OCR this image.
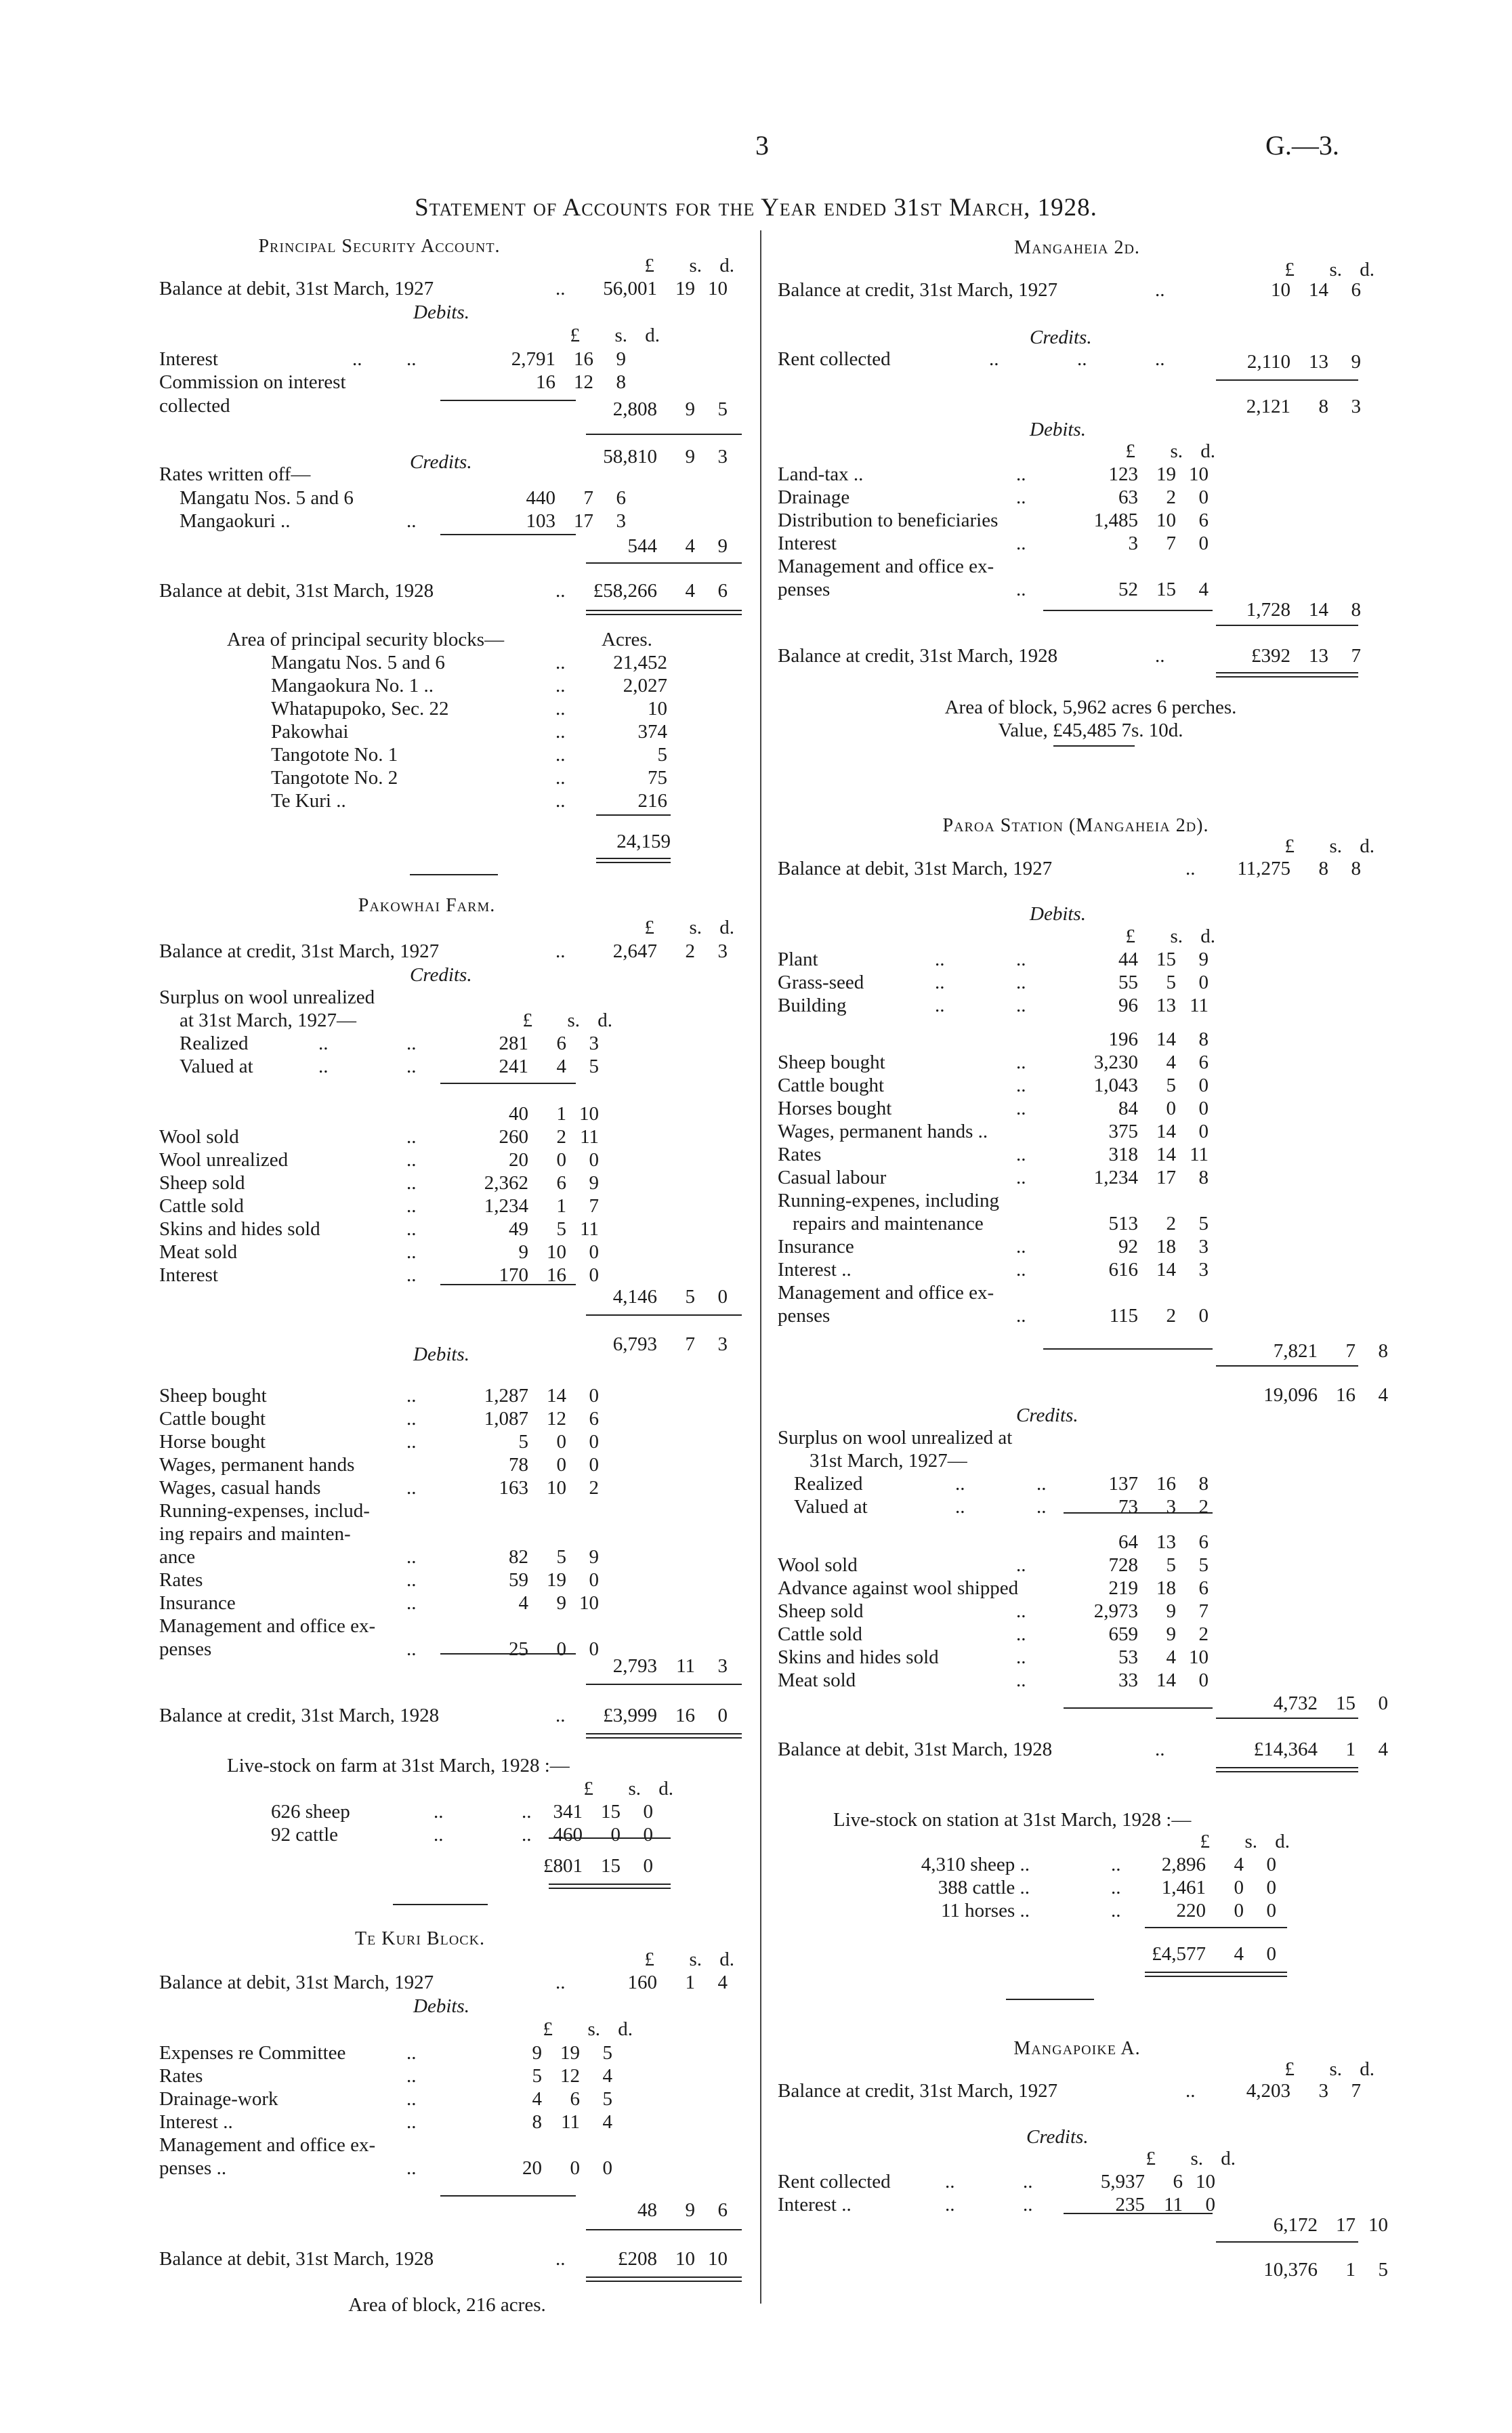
3	G.—3.
Statement of Accounts for the Year ended 31st March, 1928.
Principal Security Account.
£ s. d.
Balance at debit, 31st March, 1927	.. 56,001 19 10
Debits.
£ s. d.
Interest	.. ..	2,791 16 9
Commission on interest
collected
16 12 8
2,808 9 5
58,810 9 3
Credits.
Rates written off—
Mangatu Nos. 5 and 6	440 7 6
Mangaokuri ..	..	103 17 3
544 4 9
Balance at debit, 31st March, 1928	.. £58,266 4 6
Area of principal security blocks—	Acres.
Mangatu Nos. 5 and 6	.. 21,452
Mangaokura No. 1 ..	..	2,027
Whatapupoko, Sec. 22	..	10
Pakowhai	..	374
Tangotote No. 1	..	5
Tangotote No. 2	..	75
Te Kuri ..	..	216
24,159
Pakowhai Farm.
£ s. d.
Balance at credit, 31st March, 1927	.. 2,647 2 3
Credits.
Surplus on wool unrealized
at 31st March, 1927—	£ s. d.
Realized	..	..	281 6 3
Valued at	..	..	241 4 5
40 1 10
Wool sold	..	260 2 11
Wool unrealized	..	20 0 0
Sheep sold	..	2,362 6 9
Cattle sold	..	1,234 1 7
Skins and hides sold	..	49 5 11
Meat sold	..	9 10 0
Interest	..	170 16 0
4,146 5 0
Debits.	6,793 7 3
Sheep bought	..	1,287 14 0
Cattle bought	..	1,087 12 6
Horse bought	..	5 0 0
Wages, permanent hands	78 0 0
Wages, casual hands	..	163 10 2
Running-expenses, includ-
ing repairs and mainten-
ance	..	82 5 9
Rates	..	59 19 0
Insurance	..	4 9 10
Management and office ex-
penses	..	25 0 0
2,793 11 3
Balance at credit, 31st March, 1928	.. £3,999 16 0
Live-stock on farm at 31st March, 1928 :—
£ s. d.
626 sheep	..	.. 341 15 0
92 cattle	..	.. 460 0 0
£801 15 0
Te Kuri Block.
£ s. d.
Balance at debit, 31st March, 1927	..	160 1 4
Debits.
£ s. d.
Expenses re Committee	..	9 19 5
Rates	..	5 12 4
Drainage-work	..	4 6 5
Interest ..	..	8 11 4
Management and office ex-
penses ..	..	20 0 0
48 9 6
Balance at debit, 31st March, 1928	..	£208 10 10
Area of block, 216 acres.
Mangaheia 2d.
£ s. d.
Balance at credit, 31st March, 1927	..	10 14 6
Credits.
Rent collected	..	..	..	2,110 13 9
2,121 8 3
Debits.
£ s. d.
Land-tax ..	..	123 19 10
Drainage	..	63 2 0
Distribution to beneficiaries	1,485 10 6
Interest	..	3 7 0
Management and office ex-
penses	..	52 15 4
1,728 14 8
Balance at credit, 31st March, 1928	..	£392 13 7
Area of block, 5,962 acres 6 perches.
Value, £45,485 7s. 10d.
Paroa Station (Mangaheia 2d).
£ s. d.
Balance at debit, 31st March, 1927	.. 11,275 8 8
Debits.
£ s. d.
Plant	..	..	44 15 9
Grass-seed	..	..	55 5 0
Building	..	..	96 13 11
196 14 8
Sheep bought	..	3,230 4 6
Cattle bought	..	1,043 5 0
Horses bought	..	84 0 0
Wages, permanent hands ..	375 14 0
Rates	..	318 14 11
Casual labour	..	1,234 17 8
Running-expenes, including
repairs and maintenance	513 2 5
Insurance	..	92 18 3
Interest ..	..	616 14 3
Management and office ex-
penses	..	115 2 0
7,821 7 8
19,096 16 4
Credits.
Surplus on wool unrealized at
31st March, 1927—
Realized	..	..	137 16 8
Valued at	..	..	73 3 2
64 13 6
Wool sold	..	728 5 5
Advance against wool shipped	219 18 6
Sheep sold	..	2,973 9 7
Cattle sold	..	659 9 2
Skins and hides sold	..	53 4 10
Meat sold	..	33 14 0
4,732 15 0
Balance at debit, 31st March, 1928	..	£14,364 1 4
Live-stock on station at 31st March, 1928 :—
£ s. d.
4,310 sheep ..	.. 2,896 4 0
388 cattle ..	.. 1,461 0 0
11 horses ..	..	220 0 0
£4,577 4 0
Mangapoike A.
£ s. d.
Balance at credit, 31st March, 1927	..	4,203 3 7
Credits.
£ s. d.
Rent collected	..	..	5,937 6 10
Interest ..	..	..	235 11 0
6,172 17 10
10,376 1 5
